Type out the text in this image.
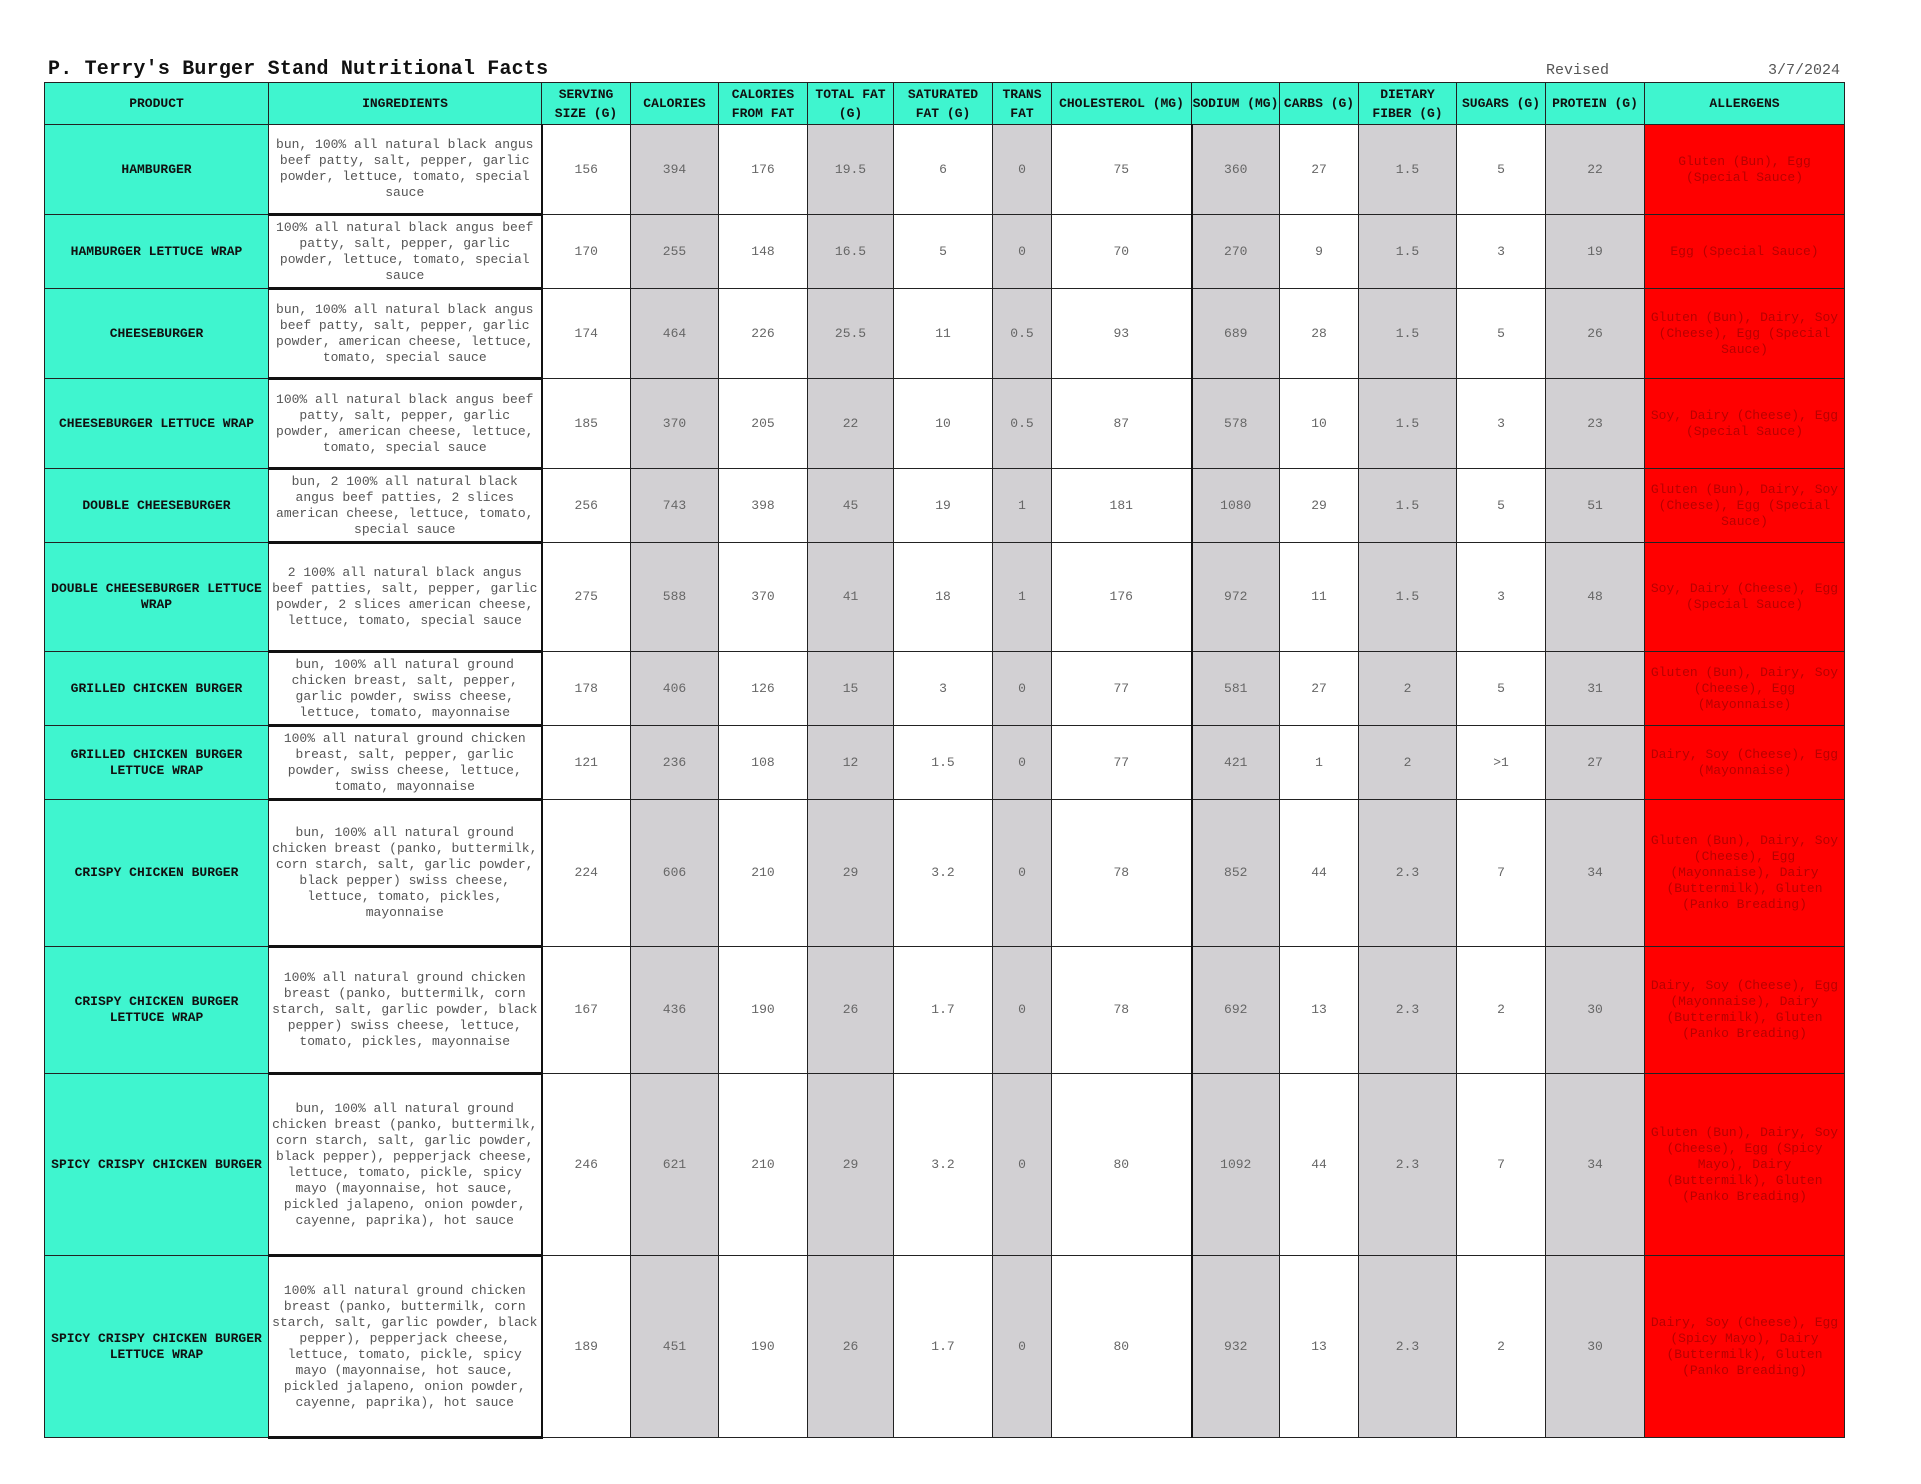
P. Terry's Burger Stand Nutritional Facts	Revised	3/7/2024
PRODUCT	INGREDIENTS	SERVING SIZE (G)	CALORIES	CALORIES FROM FAT	TOTAL FAT (G)	SATURATED FAT (G)	TRANS FAT	CHOLESTEROL (MG)	SODIUM (MG)	CARBS (G)	DIETARY FIBER (G)	SUGARS (G)	PROTEIN (G)	ALLERGENS
HAMBURGER	bun, 100% all natural black angus beef patty, salt, pepper, garlic powder, lettuce, tomato, special sauce	156	394	176	19.5	6	0	75	360	27	1.5	5	22	Gluten (Bun), Egg (Special Sauce)
HAMBURGER LETTUCE WRAP	100% all natural black angus beef patty, salt, pepper, garlic powder, lettuce, tomato, special sauce	170	255	148	16.5	5	0	70	270	9	1.5	3	19	Egg (Special Sauce)
CHEESEBURGER	bun, 100% all natural black angus beef patty, salt, pepper, garlic powder, american cheese, lettuce, tomato, special sauce	174	464	226	25.5	11	0.5	93	689	28	1.5	5	26	Gluten (Bun), Dairy, Soy (Cheese), Egg (Special Sauce)
CHEESEBURGER LETTUCE WRAP	100% all natural black angus beef patty, salt, pepper, garlic powder, american cheese, lettuce, tomato, special sauce	185	370	205	22	10	0.5	87	578	10	1.5	3	23	Soy, Dairy (Cheese), Egg (Special Sauce)
DOUBLE CHEESEBURGER	bun, 2 100% all natural black angus beef patties, 2 slices american cheese, lettuce, tomato, special sauce	256	743	398	45	19	1	181	1080	29	1.5	5	51	Gluten (Bun), Dairy, Soy (Cheese), Egg (Special Sauce)
DOUBLE CHEESEBURGER LETTUCE WRAP	2 100% all natural black angus beef patties, salt, pepper, garlic powder, 2 slices american cheese, lettuce, tomato, special sauce	275	588	370	41	18	1	176	972	11	1.5	3	48	Soy, Dairy (Cheese), Egg (Special Sauce)
GRILLED CHICKEN BURGER	bun, 100% all natural ground chicken breast, salt, pepper, garlic powder, swiss cheese, lettuce, tomato, mayonnaise	178	406	126	15	3	0	77	581	27	2	5	31	Gluten (Bun), Dairy, Soy (Cheese), Egg (Mayonnaise)
GRILLED CHICKEN BURGER LETTUCE WRAP	100% all natural ground chicken breast, salt, pepper, garlic powder, swiss cheese, lettuce, tomato, mayonnaise	121	236	108	12	1.5	0	77	421	1	2	>1	27	Dairy, Soy (Cheese), Egg (Mayonnaise)
CRISPY CHICKEN BURGER	bun, 100% all natural ground chicken breast (panko, buttermilk, corn starch, salt, garlic powder, black pepper) swiss cheese, lettuce, tomato, pickles, mayonnaise	224	606	210	29	3.2	0	78	852	44	2.3	7	34	Gluten (Bun), Dairy, Soy (Cheese), Egg (Mayonnaise), Dairy (Buttermilk), Gluten (Panko Breading)
CRISPY CHICKEN BURGER LETTUCE WRAP	100% all natural ground chicken breast (panko, buttermilk, corn starch, salt, garlic powder, black pepper) swiss cheese, lettuce, tomato, pickles, mayonnaise	167	436	190	26	1.7	0	78	692	13	2.3	2	30	Dairy, Soy (Cheese), Egg (Mayonnaise), Dairy (Buttermilk), Gluten (Panko Breading)
SPICY CRISPY CHICKEN BURGER	bun, 100% all natural ground chicken breast (panko, buttermilk, corn starch, salt, garlic powder, black pepper), pepperjack cheese, lettuce, tomato, pickle, spicy mayo (mayonnaise, hot sauce, pickled jalapeno, onion powder, cayenne, paprika), hot sauce	246	621	210	29	3.2	0	80	1092	44	2.3	7	34	Gluten (Bun), Dairy, Soy (Cheese), Egg (Spicy Mayo), Dairy (Buttermilk), Gluten (Panko Breading)
SPICY CRISPY CHICKEN BURGER LETTUCE WRAP	100% all natural ground chicken breast (panko, buttermilk, corn starch, salt, garlic powder, black pepper), pepperjack cheese, lettuce, tomato, pickle, spicy mayo (mayonnaise, hot sauce, pickled jalapeno, onion powder, cayenne, paprika), hot sauce	189	451	190	26	1.7	0	80	932	13	2.3	2	30	Dairy, Soy (Cheese), Egg (Spicy Mayo), Dairy (Buttermilk), Gluten (Panko Breading)
